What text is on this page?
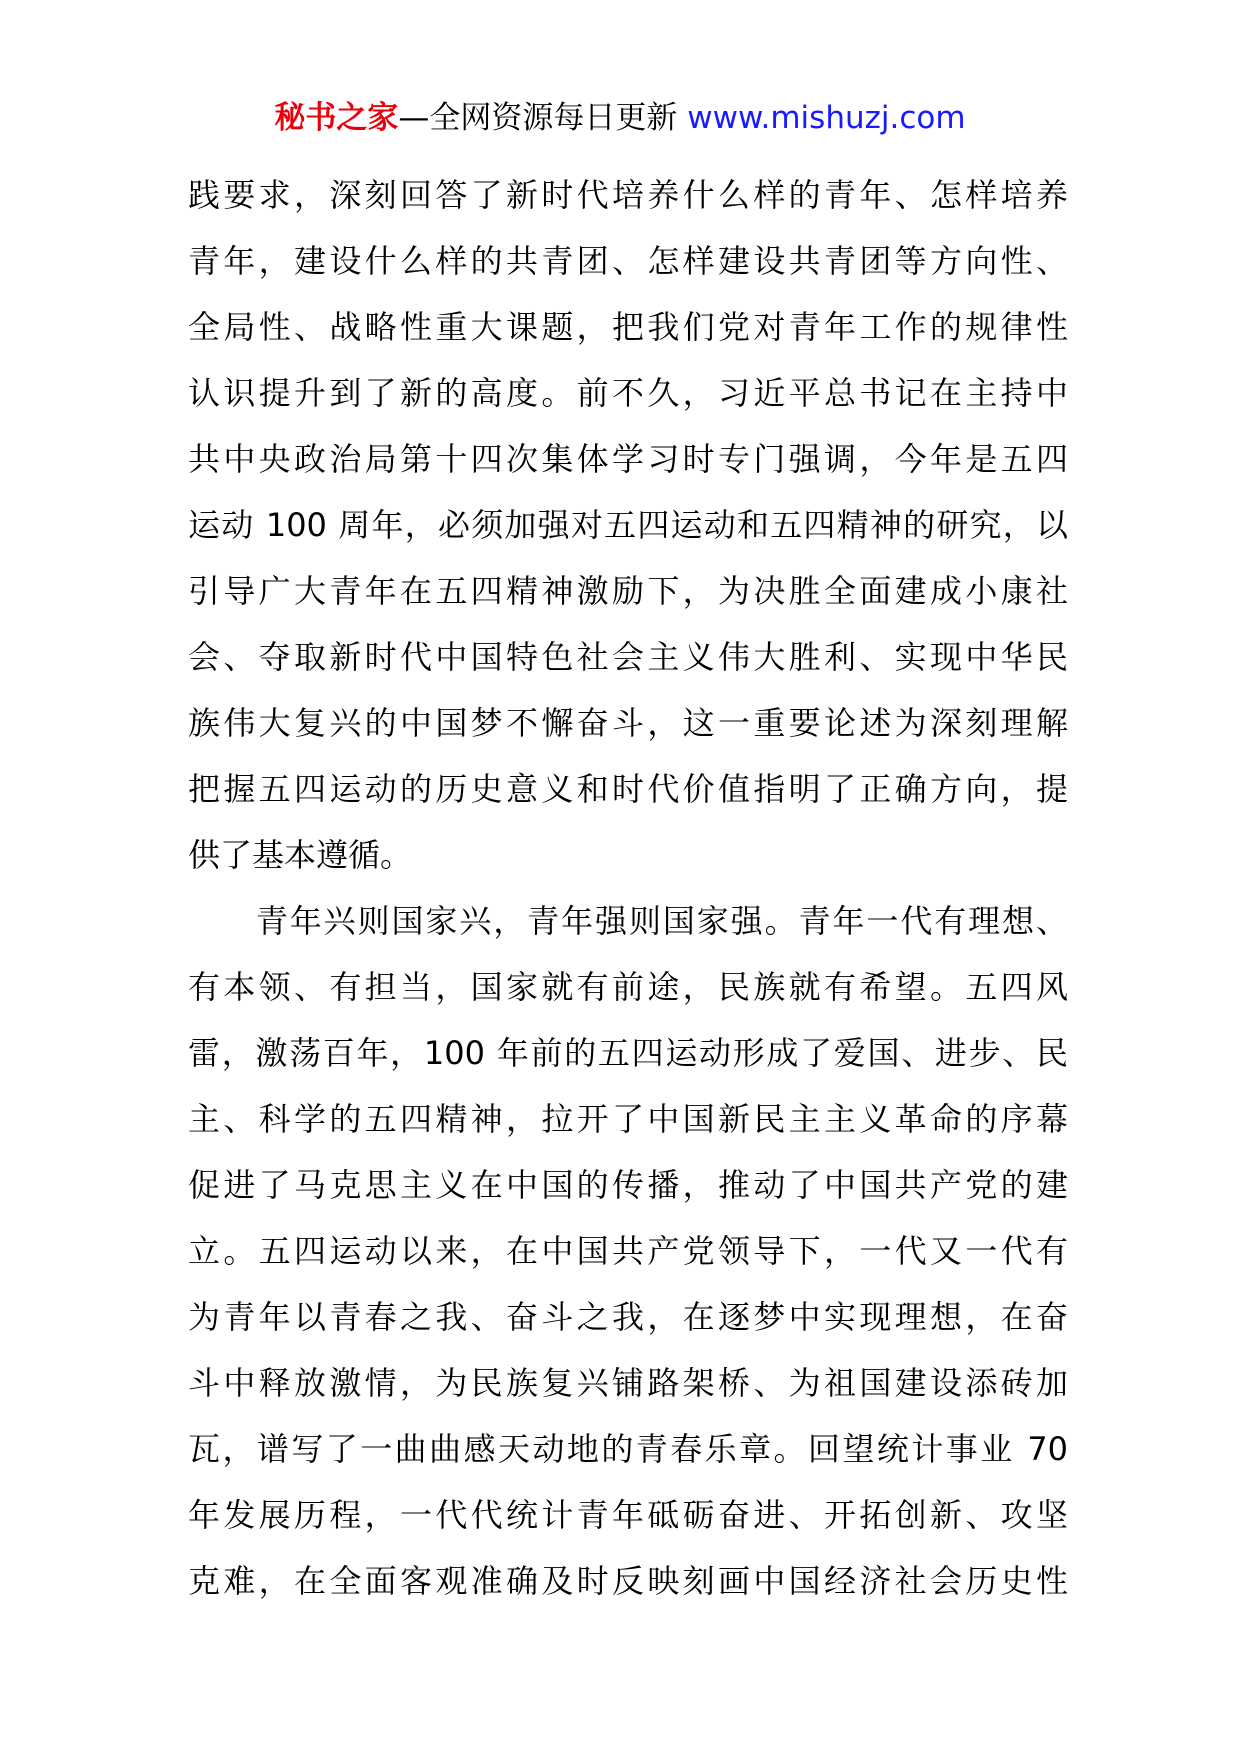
秘书之家—全网资源每日更新 www.mishuzj.com
践要求，深刻回答了新时代培养什么样的青年、怎样培养
青年，建设什么样的共青团、怎样建设共青团等方向性、
全局性、战略性重大课题，把我们党对青年工作的规律性
认识提升到了新的高度。前不久，习近平总书记在主持中
共中央政治局第十四次集体学习时专门强调，今年是五四
运动 100 周年，必须加强对五四运动和五四精神的研究，以
引导广大青年在五四精神激励下，为决胜全面建成小康社
会、夺取新时代中国特色社会主义伟大胜利、实现中华民
族伟大复兴的中国梦不懈奋斗，这一重要论述为深刻理解
把握五四运动的历史意义和时代价值指明了正确方向，提
供了基本遵循。
　　青年兴则国家兴，青年强则国家强。青年一代有理想、
有本领、有担当，国家就有前途，民族就有希望。五四风
雷，激荡百年，100 年前的五四运动形成了爱国、进步、民
主、科学的五四精神，拉开了中国新民主主义革命的序幕
促进了马克思主义在中国的传播，推动了中国共产党的建
立。五四运动以来，在中国共产党领导下，一代又一代有
为青年以青春之我、奋斗之我，在逐梦中实现理想，在奋
斗中释放激情，为民族复兴铺路架桥、为祖国建设添砖加
瓦，谱写了一曲曲感天动地的青春乐章。回望统计事业 70
年发展历程，一代代统计青年砥砺奋进、开拓创新、攻坚
克难，在全面客观准确及时反映刻画中国经济社会历史性
